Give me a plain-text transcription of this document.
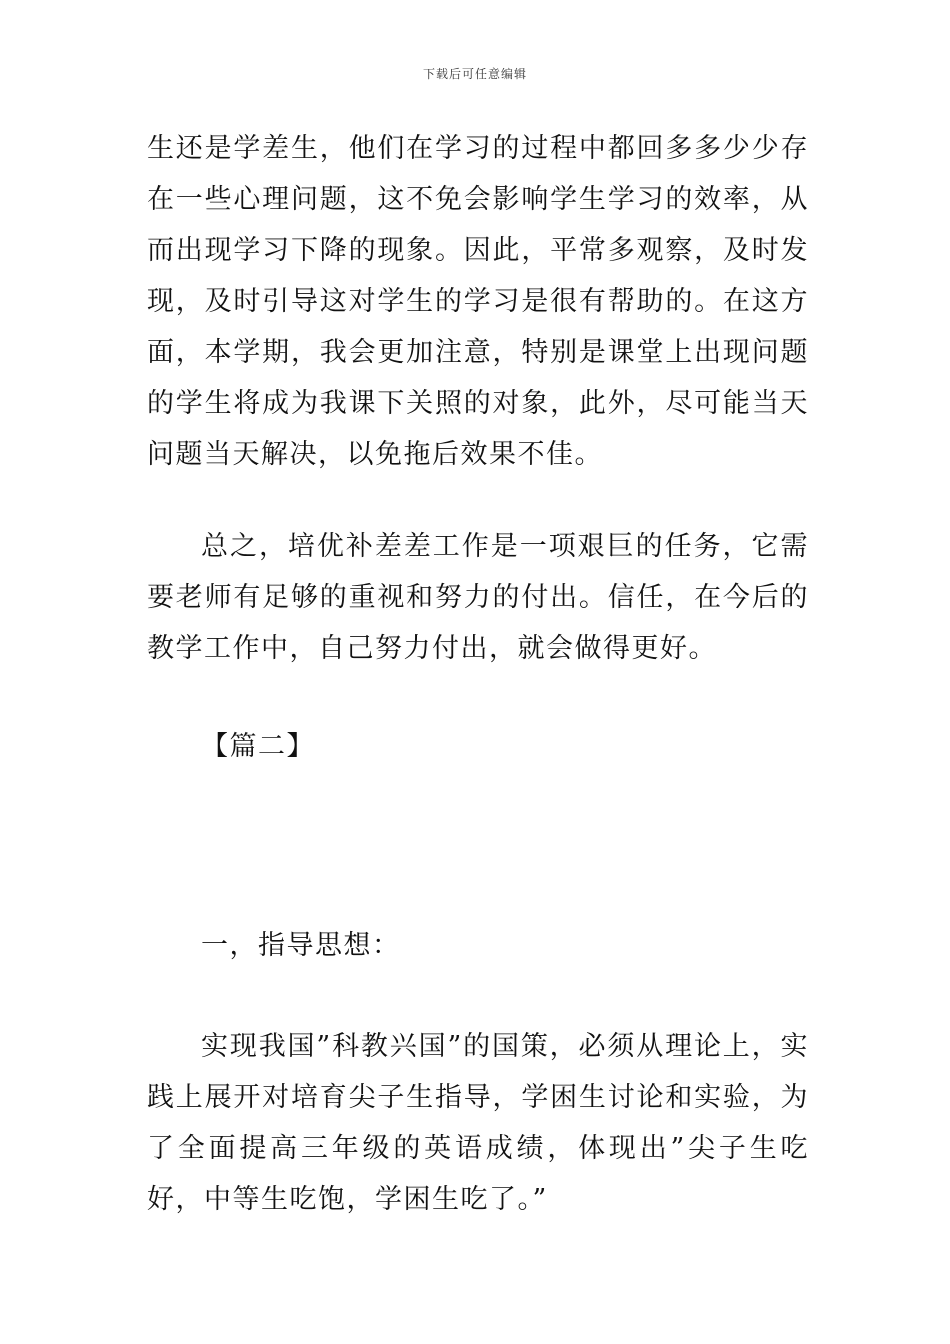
下载后可任意编辑

生还是学差生，他们在学习的过程中都回多多少少存在一些心理问题，这不免会影响学生学习的效率，从而出现学习下降的现象。因此，平常多观察，及时发现，及时引导这对学生的学习是很有帮助的。在这方面，本学期，我会更加注意，特别是课堂上出现问题的学生将成为我课下关照的对象，此外，尽可能当天问题当天解决，以免拖后效果不佳。

总之，培优补差差工作是一项艰巨的任务，它需要老师有足够的重视和努力的付出。信任，在今后的教学工作中，自己努力付出，就会做得更好。

【篇二】

一，指导思想：

实现我国”科教兴国”的国策，必须从理论上，实践上展开对培育尖子生指导，学困生讨论和实验，为了全面提高三年级的英语成绩，体现出”尖子生吃好，中等生吃饱，学困生吃了。”
